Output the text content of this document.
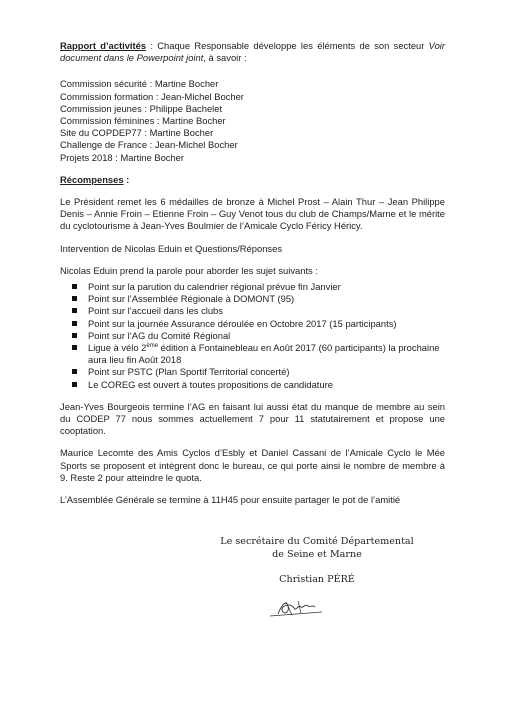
Rapport d’activités : Chaque Responsable développe les éléments de son secteur Voir document dans le Powerpoint joint, à savoir :

Commission sécurité : Martine Bocher
Commission formation : Jean-Michel Bocher
Commission jeunes : Philippe Bachelet
Commission féminines : Martine Bocher
Site du COPDEP77 : Martine Bocher
Challenge de France : Jean-Michel Bocher
Projets 2018 : Martine Bocher

Récompenses :

Le Président remet les 6 médailles de bronze à Michel Prost – Alain Thur – Jean Philippe Denis – Annie Froin – Etienne Froin – Guy Venot tous du club de Champs/Marne et le mérite du cyclotourisme à Jean-Yves Boulmier de l’Amicale Cyclo Féricy Héricy.

Intervention de Nicolas Eduin et Questions/Réponses

Nicolas Eduin prend la parole pour aborder les sujet suivants :

Point sur la parution du calendrier régional prévue fin Janvier
Point sur l’Assemblée Régionale à DOMONT (95)
Point sur l’accueil dans les clubs
Point sur la journée Assurance déroulée en Octobre 2017 (15 participants)
Point sur l’AG du Comité Régional
Ligue à vélo 2ème édition à Fontainebleau en Août 2017 (60 participants) la prochaine aura lieu fin Août 2018
Point sur PSTC (Plan Sportif Territorial concerté)
Le COREG est ouvert à toutes propositions de candidature

Jean-Yves Bourgeois termine l’AG en faisant lui aussi état du manque de membre au sein du CODEP 77 nous sommes actuellement 7 pour 11 statutairement et propose une cooptation.

Maurice Lecomte des Amis Cyclos d’Esbly et Daniel Cassani de l’Amicale Cyclo le Mée Sports se proposent et intègrent donc le bureau, ce qui porte ainsi le nombre de membre à 9. Reste 2 pour atteindre le quota.

L’Assemblée Générale se termine à 11H45 pour ensuite partager le pot de l’amitié

Le secrétaire du Comité Départemental
de Seine et Marne
Christian PÉRÉ
